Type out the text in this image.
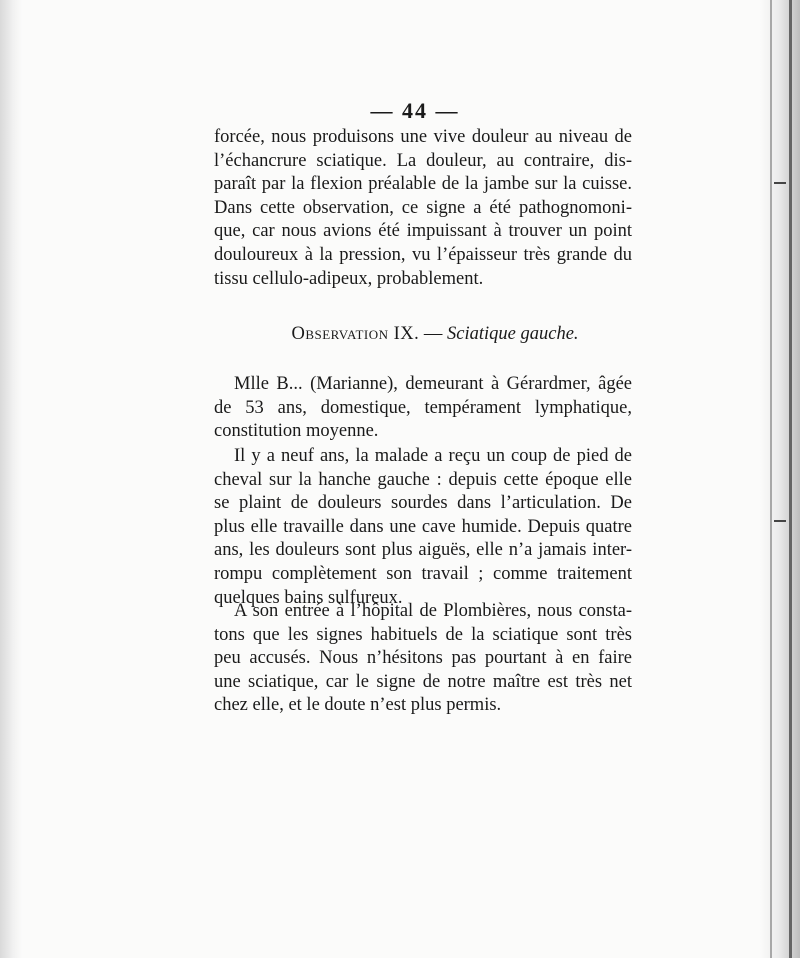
— 44 —
forcée, nous produisons une vive douleur au niveau de
l’échancrure sciatique. La douleur, au contraire, dis-
paraît par la flexion préalable de la jambe sur la cuisse.
Dans cette observation, ce signe a été pathognomoni-
que, car nous avions été impuissant à trouver un point
douloureux à la pression, vu l’épaisseur très grande du
tissu cellulo-adipeux, probablement.
Observation IX. — Sciatique gauche.
Mlle B... (Marianne), demeurant à Gérardmer, âgée
de 53 ans, domestique, tempérament lymphatique,
constitution moyenne.
Il y a neuf ans, la malade a reçu un coup de pied de
cheval sur la hanche gauche : depuis cette époque elle
se plaint de douleurs sourdes dans l’articulation. De
plus elle travaille dans une cave humide. Depuis quatre
ans, les douleurs sont plus aiguës, elle n’a jamais inter-
rompu complètement son travail ; comme traitement
quelques bains sulfureux.
A son entrée à l’hôpital de Plombières, nous consta-
tons que les signes habituels de la sciatique sont très
peu accusés. Nous n’hésitons pas pourtant à en faire
une sciatique, car le signe de notre maître est très net
chez elle, et le doute n’est plus permis.
